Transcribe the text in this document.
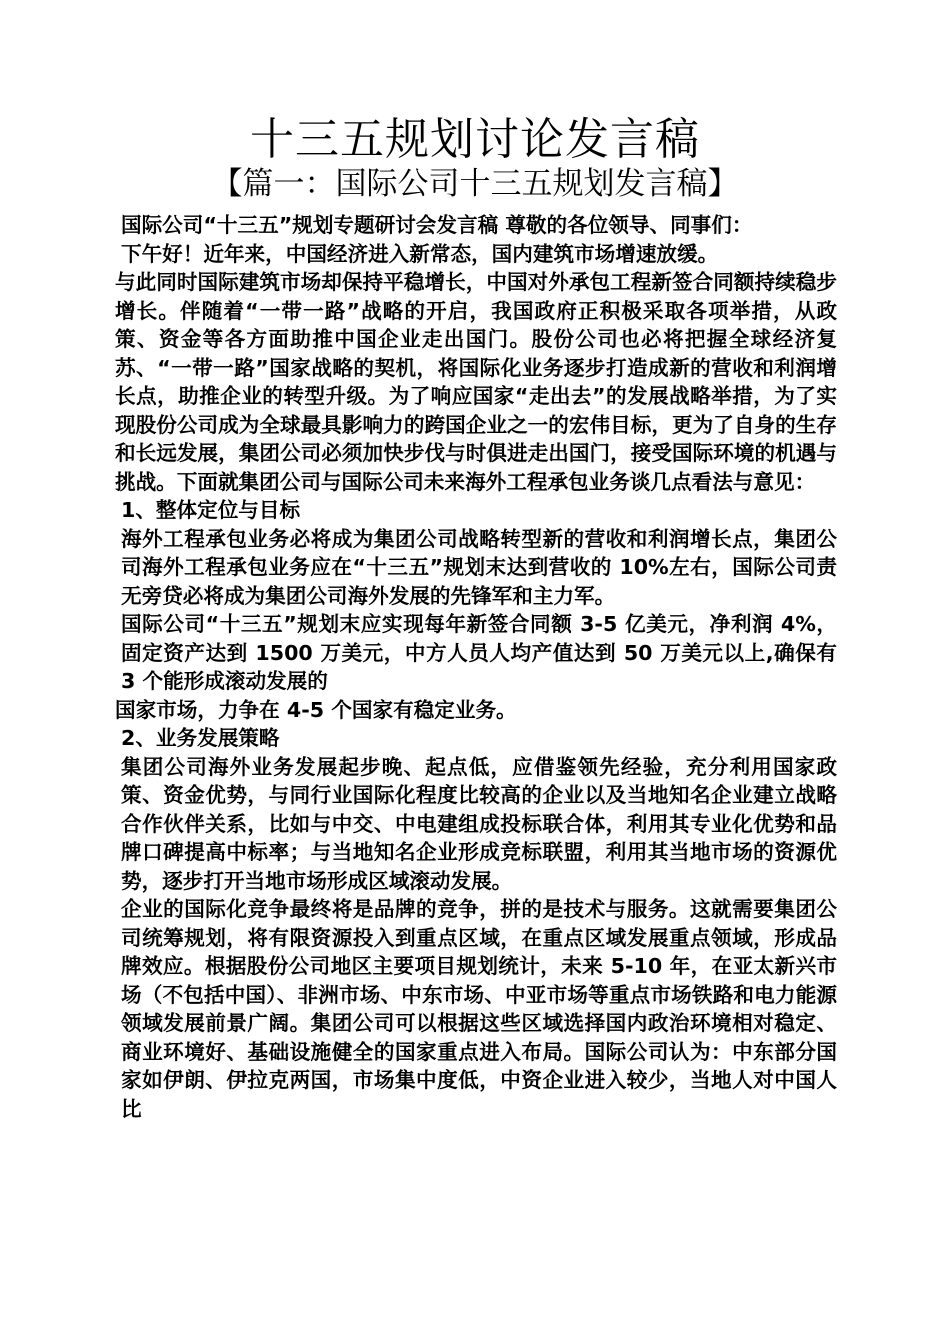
十三五规划讨论发言稿
【篇一：国际公司十三五规划发言稿】

国际公司“十三五”规划专题研讨会发言稿 尊敬的各位领导、同事们：

下午好！近年来，中国经济进入新常态，国内建筑市场增速放缓。

与此同时国际建筑市场却保持平稳增长，中国对外承包工程新签合同额持续稳步增长。伴随着“一带一路”战略的开启，我国政府正积极采取各项举措，从政策、资金等各方面助推中国企业走出国门。股份公司也必将把握全球经济复苏、“一带一路”国家战略的契机，将国际化业务逐步打造成新的营收和利润增长点，助推企业的转型升级。为了响应国家“走出去”的发展战略举措，为了实现股份公司成为全球最具影响力的跨国企业之一的宏伟目标，更为了自身的生存和长远发展，集团公司必须加快步伐与时俱进走出国门，接受国际环境的机遇与挑战。下面就集团公司与国际公司未来海外工程承包业务谈几点看法与意见：

1、整体定位与目标

海外工程承包业务必将成为集团公司战略转型新的营收和利润增长点，集团公司海外工程承包业务应在“十三五”规划末达到营收的 10%左右，国际公司责无旁贷必将成为集团公司海外发展的先锋军和主力军。

国际公司“十三五”规划末应实现每年新签合同额 3-5 亿美元，净利润 4%，固定资产达到 1500 万美元，中方人员人均产值达到 50 万美元以上,确保有 3 个能形成滚动发展的

国家市场，力争在 4-5 个国家有稳定业务。

2、业务发展策略

集团公司海外业务发展起步晚、起点低，应借鉴领先经验，充分利用国家政策、资金优势，与同行业国际化程度比较高的企业以及当地知名企业建立战略合作伙伴关系，比如与中交、中电建组成投标联合体，利用其专业化优势和品牌口碑提高中标率；与当地知名企业形成竞标联盟，利用其当地市场的资源优势，逐步打开当地市场形成区域滚动发展。

企业的国际化竞争最终将是品牌的竞争，拼的是技术与服务。这就需要集团公司统筹规划，将有限资源投入到重点区域，在重点区域发展重点领域，形成品牌效应。根据股份公司地区主要项目规划统计，未来 5-10 年，在亚太新兴市场（不包括中国）、非洲市场、中东市场、中亚市场等重点市场铁路和电力能源领域发展前景广阔。集团公司可以根据这些区域选择国内政治环境相对稳定、商业环境好、基础设施健全的国家重点进入布局。国际公司认为：中东部分国家如伊朗、伊拉克两国，市场集中度低，中资企业进入较少，当地人对中国人比
